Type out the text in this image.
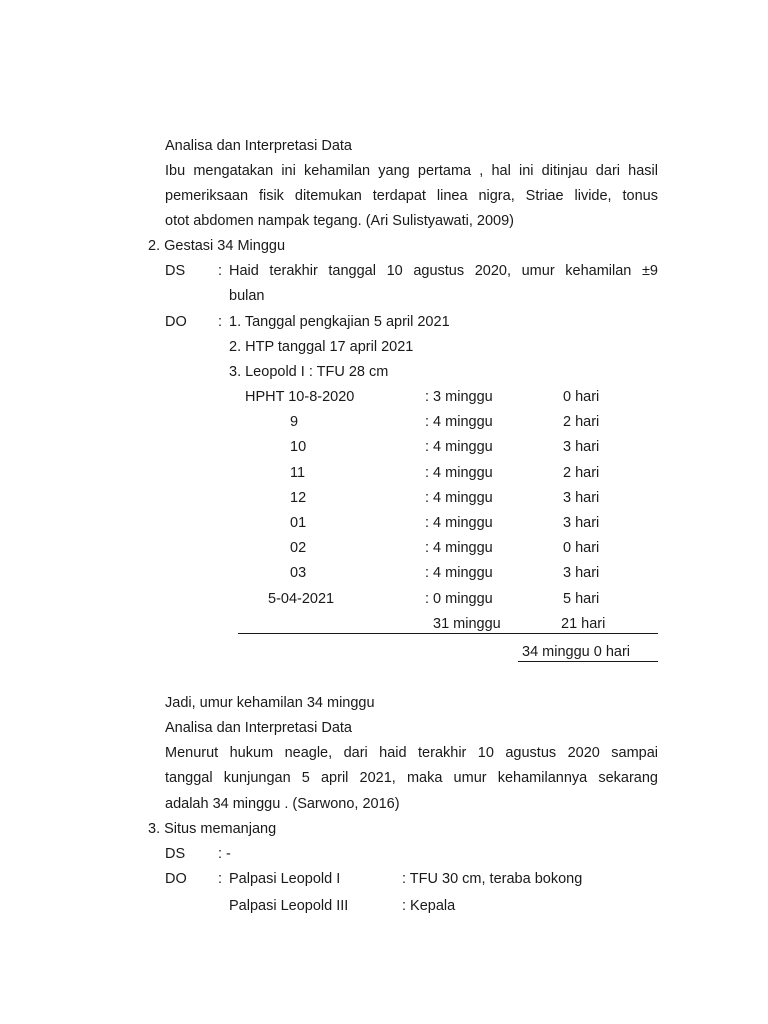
Analisa dan Interpretasi Data
Ibu mengatakan ini kehamilan yang pertama , hal ini ditinjau dari hasil
pemeriksaan fisik ditemukan terdapat linea nigra, Striae livide, tonus
otot abdomen nampak tegang. (Ari Sulistyawati, 2009)
2. Gestasi 34 Minggu
DS : Haid terakhir tanggal 10 agustus 2020, umur kehamilan ±9
bulan
DO : 1. Tanggal pengkajian 5 april 2021
2. HTP tanggal 17 april 2021
3. Leopold I : TFU 28 cm
HPHT 10-8-2020	: 3 minggu	0 hari
9	: 4 minggu	2 hari
10	: 4 minggu	3 hari
11	: 4 minggu	2 hari
12	: 4 minggu	3 hari
01	: 4 minggu	3 hari
02	: 4 minggu	0 hari
03	: 4 minggu	3 hari
5-04-2021	: 0 minggu	5 hari
31 minggu	21 hari
34 minggu 0 hari
Jadi, umur kehamilan 34 minggu
Analisa dan Interpretasi Data
Menurut hukum neagle, dari haid terakhir 10 agustus 2020 sampai
tanggal kunjungan 5 april 2021, maka umur kehamilannya sekarang
adalah 34 minggu . (Sarwono, 2016)
3. Situs memanjang
DS : -
DO : Palpasi Leopold I	: TFU 30 cm, teraba bokong
Palpasi Leopold III	: Kepala
